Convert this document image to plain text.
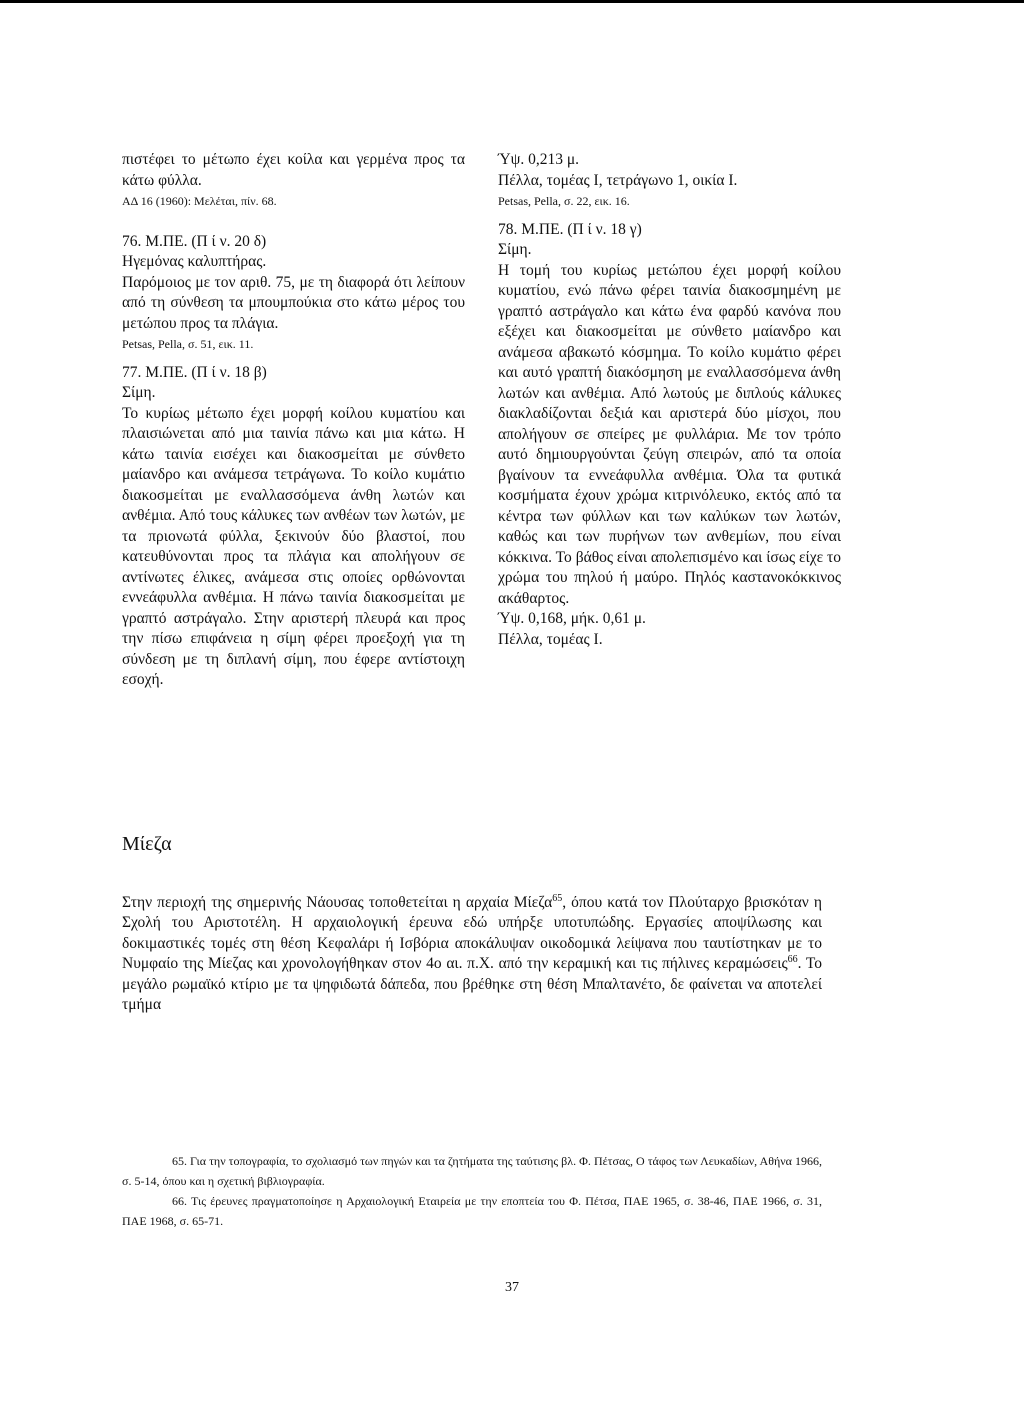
πιστέφει το μέτωπο έχει κοίλα και γερμένα προς τα κάτω φύλλα.

ΑΔ 16 (1960): Μελέται, πίν. 68.

76. Μ.ΠΕ. (Π ί ν. 20 δ)

Ηγεμόνας καλυπτήρας.

Παρόμοιος με τον αριθ. 75, με τη διαφορά ότι λείπουν από τη σύνθεση τα μπουμπούκια στο κάτω μέρος του μετώπου προς τα πλάγια.

Petsas, Pella, σ. 51, εικ. 11.

77. Μ.ΠΕ. (Π ί ν. 18 β)

Σίμη.

Το κυρίως μέτωπο έχει μορφή κοίλου κυματίου και πλαισιώνεται από μια ταινία πάνω και μια κάτω. Η κάτω ταινία εισέχει και διακοσμείται με σύνθετο μαίανδρο και ανάμεσα τετράγωνα. Το κοίλο κυμάτιο διακοσμείται με εναλλασσόμενα άνθη λωτών και ανθέμια. Από τους κάλυκες των ανθέων των λωτών, με τα πριονωτά φύλλα, ξεκινούν δύο βλαστοί, που κατευθύνονται προς τα πλάγια και απολήγουν σε αντίνωτες έλικες, ανάμεσα στις οποίες ορθώνονται εννεάφυλλα ανθέμια. Η πάνω ταινία διακοσμείται με γραπτό αστράγαλο. Στην αριστερή πλευρά και προς την πίσω επιφάνεια η σίμη φέρει προεξοχή για τη σύνδεση με τη διπλανή σίμη, που έφερε αντίστοιχη εσοχή.

Ύψ. 0,213 μ.

Πέλλα, τομέας Ι, τετράγωνο 1, οικία Ι.

Petsas, Pella, σ. 22, εικ. 16.

78. Μ.ΠΕ. (Π ί ν. 18 γ)

Σίμη.

Η τομή του κυρίως μετώπου έχει μορφή κοίλου κυματίου, ενώ πάνω φέρει ταινία διακοσμημένη με γραπτό αστράγαλο και κάτω ένα φαρδύ κανόνα που εξέχει και διακοσμείται με σύνθετο μαίανδρο και ανάμεσα αβακωτό κόσμημα. Το κοίλο κυμάτιο φέρει και αυτό γραπτή διακόσμηση με εναλλασσόμενα άνθη λωτών και ανθέμια. Από λωτούς με διπλούς κάλυκες διακλαδίζονται δεξιά και αριστερά δύο μίσχοι, που απολήγουν σε σπείρες με φυλλάρια. Με τον τρόπο αυτό δημιουργούνται ζεύγη σπειρών, από τα οποία βγαίνουν τα εννεάφυλλα ανθέμια. Όλα τα φυτικά κοσμήματα έχουν χρώμα κιτρινόλευκο, εκτός από τα κέντρα των φύλλων και των καλύκων των λωτών, καθώς και των πυρήνων των ανθεμίων, που είναι κόκκινα. Το βάθος είναι απολεπισμένο και ίσως είχε το χρώμα του πηλού ή μαύρο. Πηλός καστανοκόκκινος ακάθαρτος.

Ύψ. 0,168, μήκ. 0,61 μ.

Πέλλα, τομέας Ι.

Μίεζα

Στην περιοχή της σημερινής Νάουσας τοποθετείται η αρχαία Μίεζα$^{65}$, όπου κατά τον Πλούταρχο βρισκόταν η Σχολή του Αριστοτέλη. Η αρχαιολογική έρευνα εδώ υπήρξε υποτυπώδης. Εργασίες αποψίλωσης και δοκιμαστικές τομές στη θέση Κεφαλάρι ή Ισβόρια αποκάλυψαν οικοδομικά λείψανα που ταυτίστηκαν με το Νυμφαίο της Μίεζας και χρονολογήθηκαν στον 4ο αι. π.Χ. από την κεραμική και τις πήλινες κεραμώσεις$^{66}$. Το μεγάλο ρωμαϊκό κτίριο με τα ψηφιδωτά δάπεδα, που βρέθηκε στη θέση Μπαλτανέτο, δε φαίνεται να αποτελεί τμήμα

65. Για την τοπογραφία, το σχολιασμό των πηγών και τα ζητήματα της ταύτισης βλ. Φ. Πέτσας, Ο τάφος των Λευκαδίων, Αθήνα 1966, σ. 5-14, όπου και η σχετική βιβλιογραφία.

66. Τις έρευνες πραγματοποίησε η Αρχαιολογική Εταιρεία με την εποπτεία του Φ. Πέτσα, ΠΑΕ 1965, σ. 38-46, ΠΑΕ 1966, σ. 31, ΠΑΕ 1968, σ. 65-71.

37
